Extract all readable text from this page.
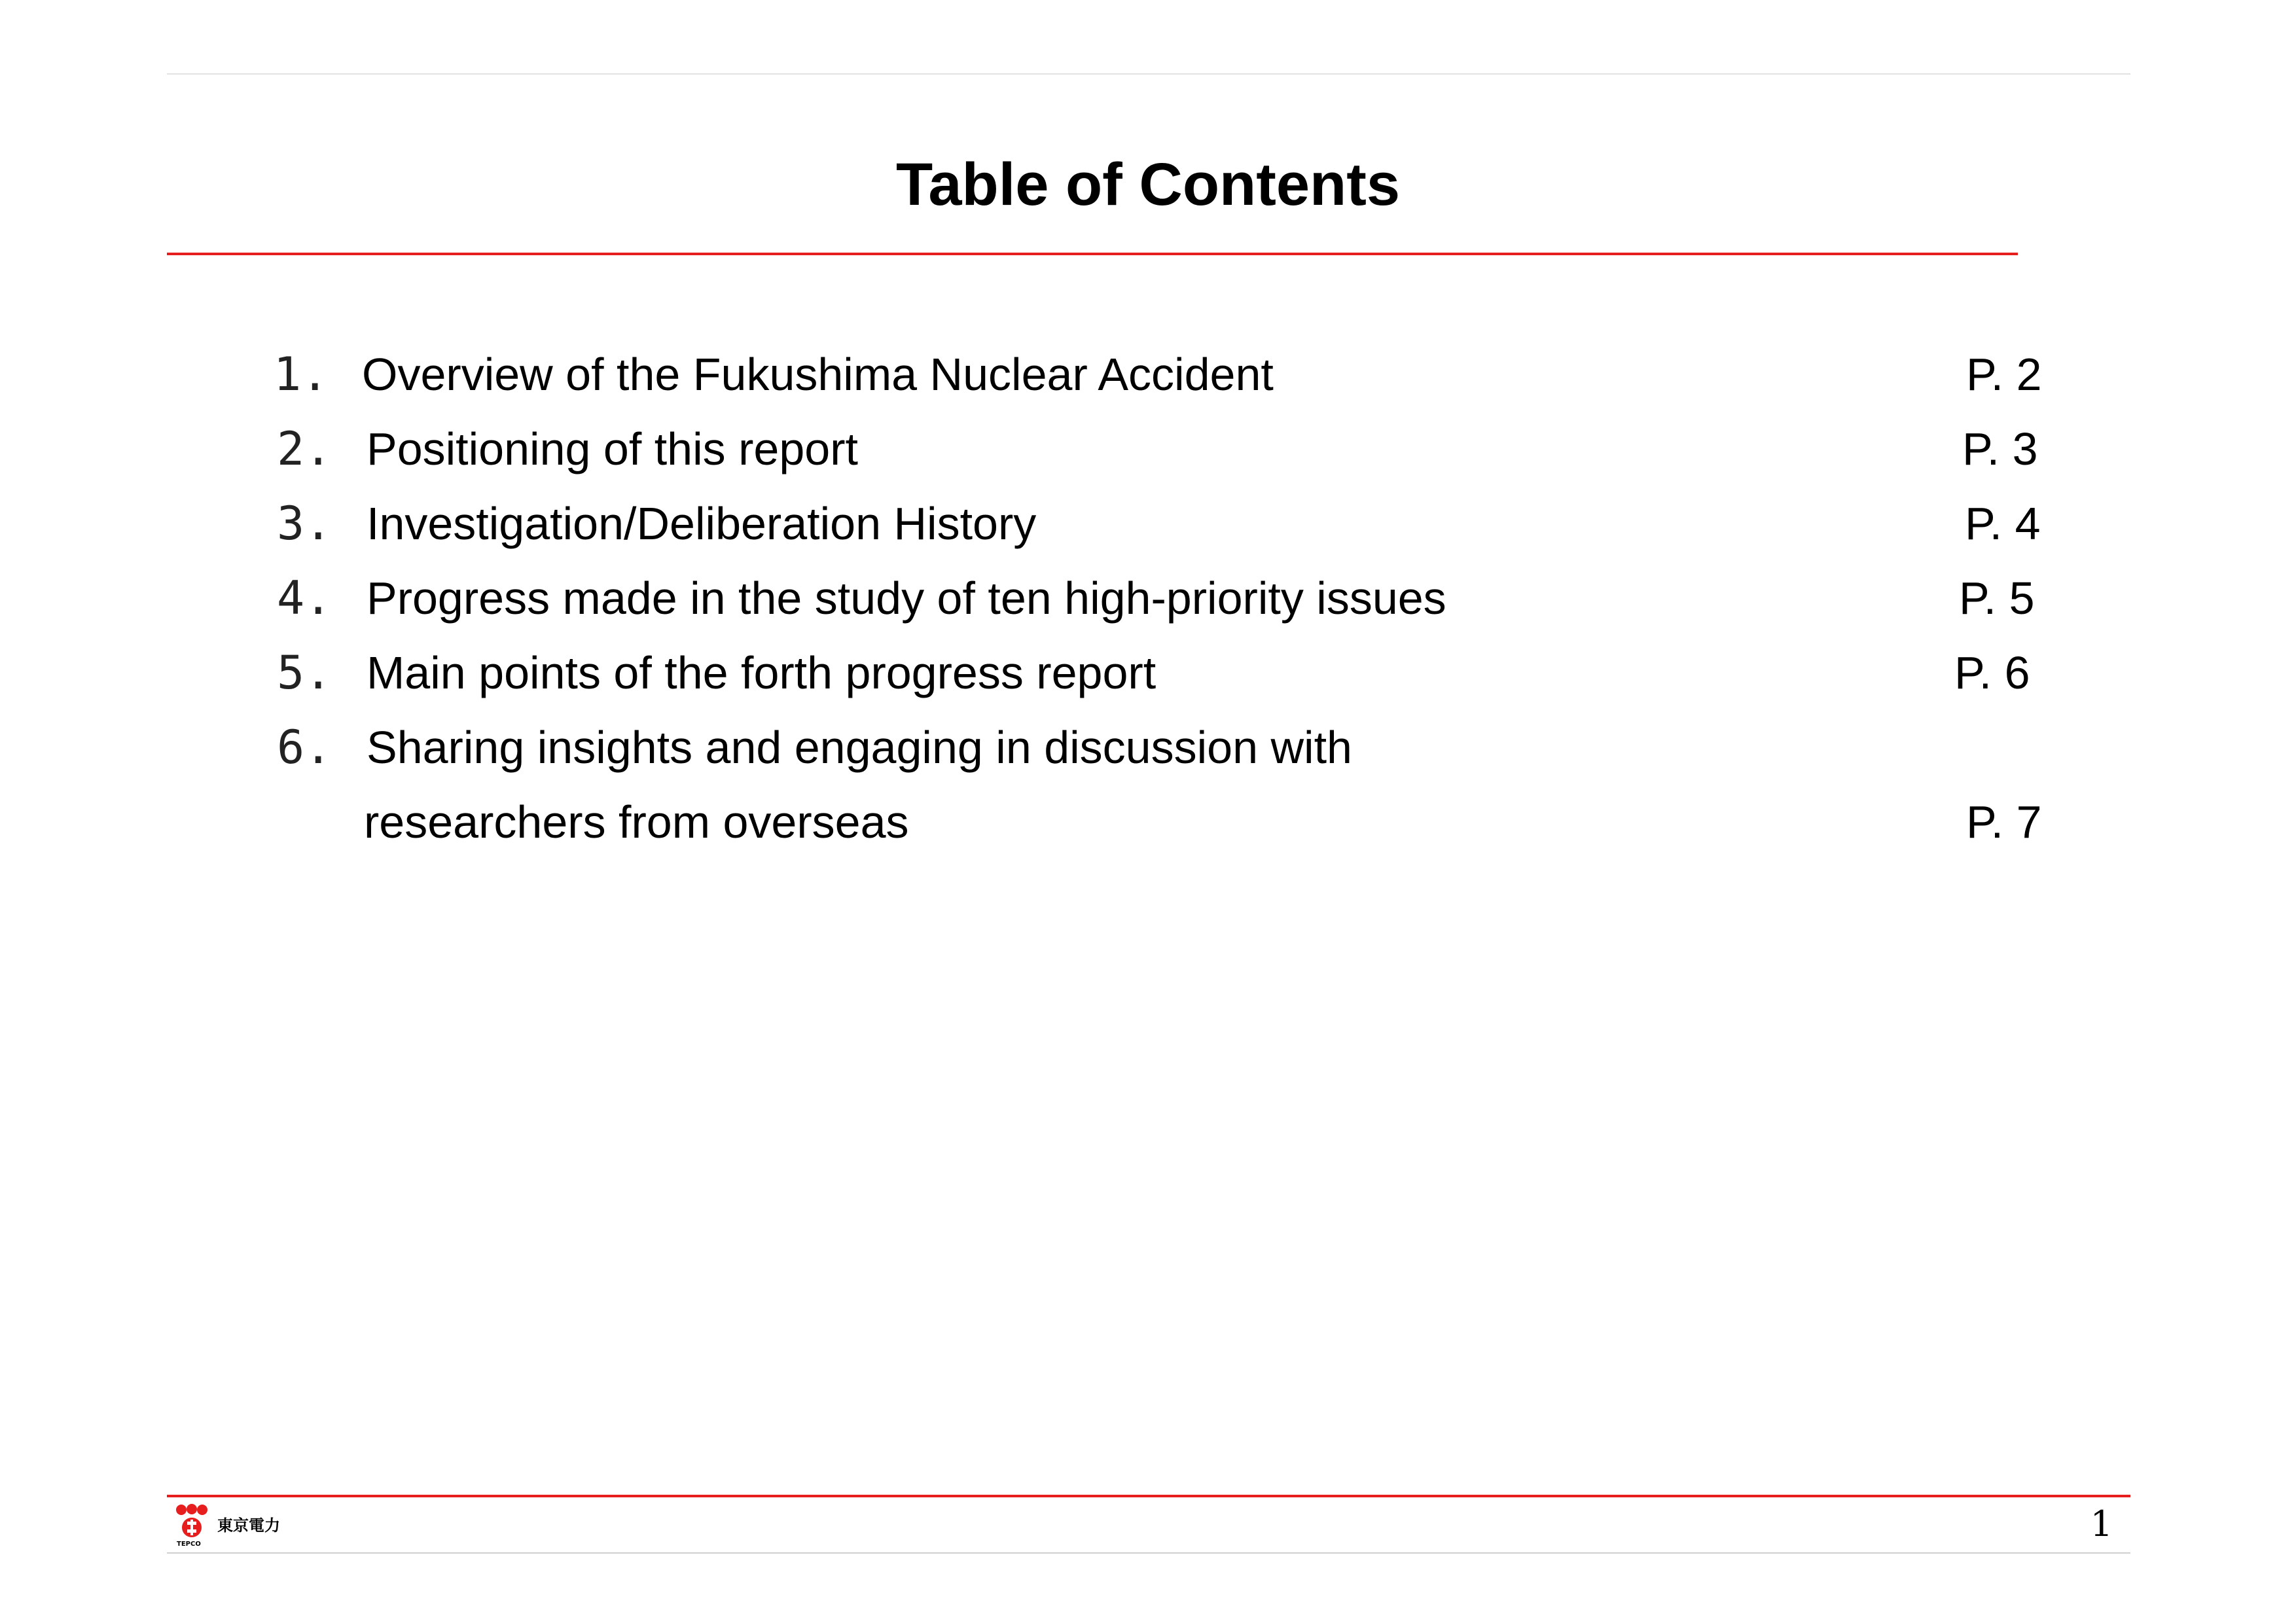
Table of Contents
1. Overview of the Fukushima Nuclear Accident	P. 2
2. Positioning of this report	P. 3
3. Investigation/Deliberation History	P. 4
4. Progress made in the study of ten high-priority issues	P. 5
5. Main points of the forth progress report	P. 6
6. Sharing insights and engaging in discussion with
researchers from overseas	P. 7
東京電力
TEPCO	1
